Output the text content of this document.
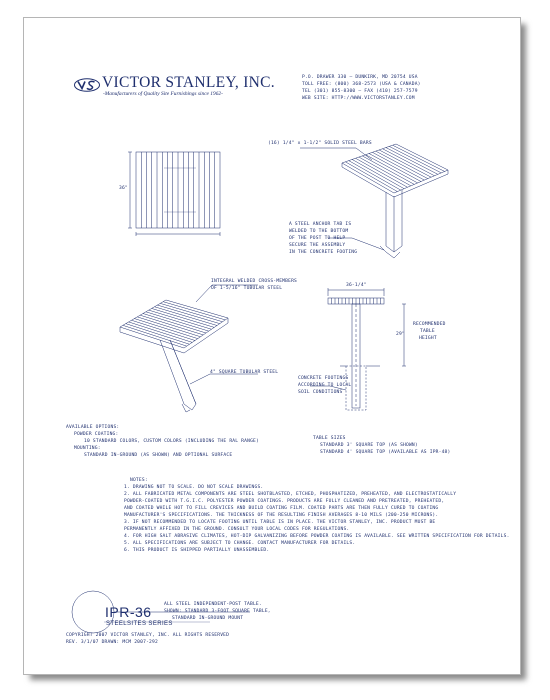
VICTOR STANLEY, INC.
-Manufacturers of Quality Site Furnishings since 1962-
P.O. DRAWER 330 — DUNKIRK, MD 20754 USA
TOLL FREE: (800) 368-2573 (USA & CANADA)
TEL (301) 855-8300 — FAX (410) 257-7579
WEB SITE: HTTP://WWW.VICTORSTANLEY.COM
(16) 1/4" x 1-1/2" SOLID STEEL BARS
A STEEL ANCHOR TAB IS
WELDED TO THE BOTTOM
OF THE POST TO HELP
SECURE THE ASSEMBLY
IN THE CONCRETE FOOTING
INTEGRAL WELDED CROSS-MEMBERS
OF 1-5/16" TUBULAR STEEL
4" SQUARE TUBULAR STEEL
36-1/4"
36"
29"
RECOMMENDED
TABLE
HEIGHT
CONCRETE FOOTINGS
ACCORDING TO LOCAL
SOIL CONDITIONS
AVAILABLE OPTIONS:
POWDER COATING:
10 STANDARD COLORS, CUSTOM COLORS (INCLUDING THE RAL RANGE)
MOUNTING:
STANDARD IN-GROUND (AS SHOWN) AND OPTIONAL SURFACE
TABLE SIZES
STANDARD 3' SQUARE TOP (AS SHOWN)
STANDARD 4' SQUARE TOP (AVAILABLE AS IPR-48)
NOTES:
1. DRAWING NOT TO SCALE. DO NOT SCALE DRAWINGS.
2. ALL FABRICATED METAL COMPONENTS ARE STEEL SHOTBLASTED, ETCHED, PHOSPHATIZED, PREHEATED, AND ELECTROSTATICALLY
POWDER-COATED WITH T.G.I.C. POLYESTER POWDER COATINGS. PRODUCTS ARE FULLY CLEANED AND PRETREATED, PREHEATED,
AND COATED WHILE HOT TO FILL CREVICES AND BUILD COATING FILM. COATED PARTS ARE THEN FULLY CURED TO COATING
MANUFACTURER'S SPECIFICATIONS. THE THICKNESS OF THE RESULTING FINISH AVERAGES 8-10 MILS (200-250 MICRONS).
3. IF NOT RECOMMENDED TO LOCATE FOOTING UNTIL TABLE IS IN PLACE. THE VICTOR STANLEY, INC. PRODUCT MUST BE
PERMANENTLY AFFIXED IN THE GROUND. CONSULT YOUR LOCAL CODES FOR REGULATIONS.
4. FOR HIGH SALT ABRASIVE CLIMATES, HOT-DIP GALVANIZING BEFORE POWDER COATING IS AVAILABLE. SEE WRITTEN SPECIFICATION FOR DETAILS.
5. ALL SPECIFICATIONS ARE SUBJECT TO CHANGE. CONTACT MANUFACTURER FOR DETAILS.
6. THIS PRODUCT IS SHIPPED PARTIALLY UNASSEMBLED.
IPR-36
STEELSITES SERIES
ALL STEEL INDEPENDENT-POST TABLE.
SHOWN: STANDARD 3-FOOT SQUARE TABLE,
STANDARD IN-GROUND MOUNT
COPYRIGHT 2007 VICTOR STANLEY, INC. ALL RIGHTS RESERVED
REV. 3/1/07 DRAWN: MCM 2007-292
